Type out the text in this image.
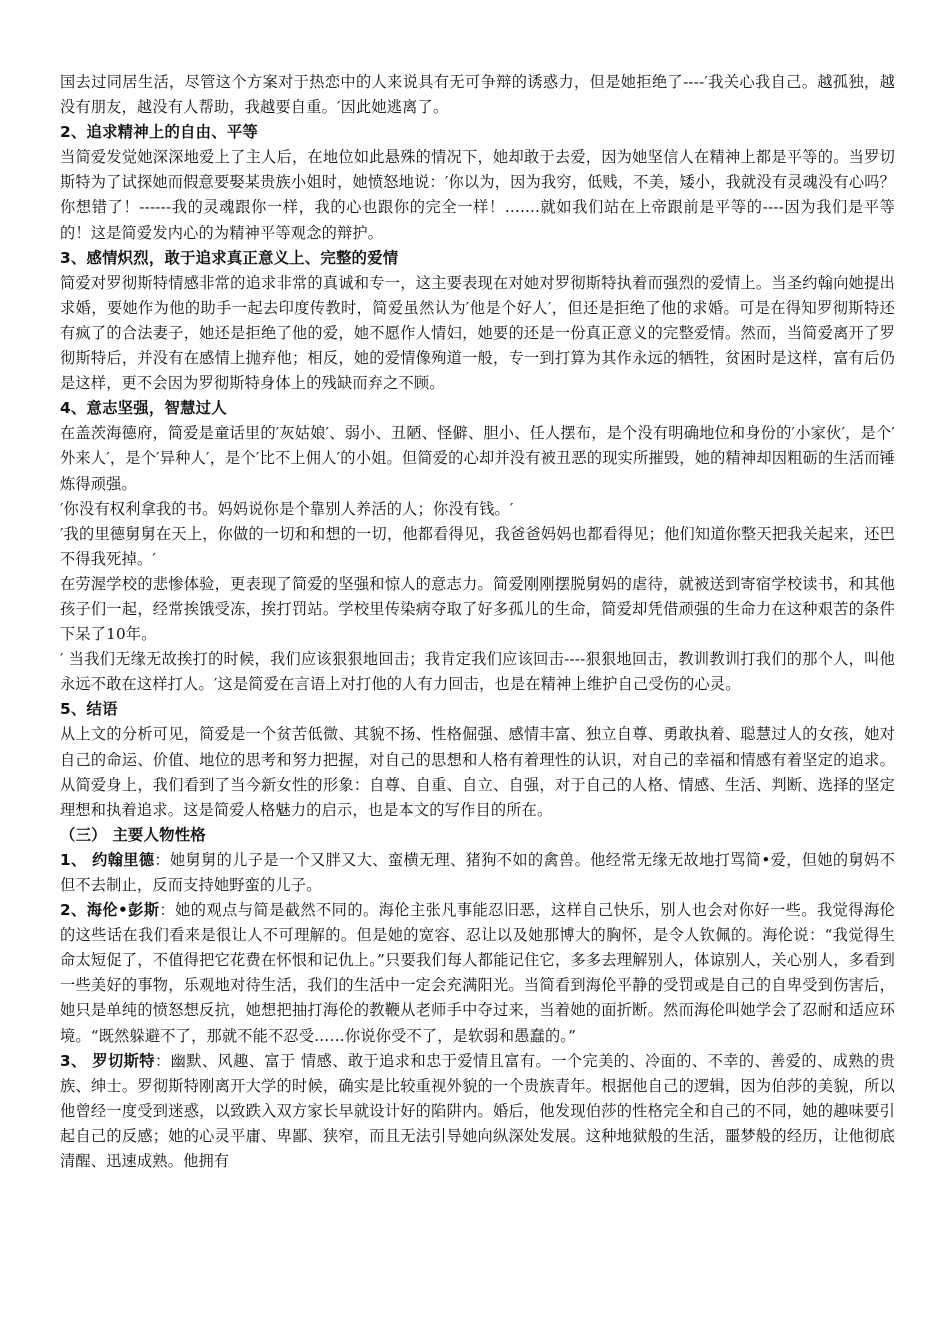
国去过同居生活，尽管这个方案对于热恋中的人来说具有无可争辩的诱惑力，但是她拒绝了----′我关心我自己。越孤独，越没有朋友，越没有人帮助，我越要自重。′因此她逃离了。

2、追求精神上的自由、平等

当简爱发觉她深深地爱上了主人后，在地位如此悬殊的情况下，她却敢于去爱，因为她坚信人在精神上都是平等的。当罗切斯特为了试探她而假意要娶某贵族小姐时，她愤怒地说：′你以为，因为我穷，低贱，不美，矮小，我就没有灵魂没有心吗？你想错了！------我的灵魂跟你一样，我的心也跟你的完全一样！.......就如我们站在上帝跟前是平等的----因为我们是平等的！这是简爱发内心的为精神平等观念的辩护。

3、感情炽烈，敢于追求真正意义上、完整的爱情

简爱对罗彻斯特情感非常的追求非常的真诚和专一，这主要表现在对她对罗彻斯特执着而强烈的爱情上。当圣约翰向她提出求婚，要她作为他的助手一起去印度传教时，简爱虽然认为′他是个好人′，但还是拒绝了他的求婚。可是在得知罗彻斯特还有疯了的合法妻子，她还是拒绝了他的爱，她不愿作人情妇，她要的还是一份真正意义的完整爱情。然而，当简爱离开了罗彻斯特后，并没有在感情上抛弃他；相反，她的爱情像殉道一般，专一到打算为其作永远的牺牲，贫困时是这样，富有后仍是这样，更不会因为罗彻斯特身体上的残缺而弃之不顾。

4、意志坚强，智慧过人

在盖茨海德府，简爱是童话里的′灰姑娘′、弱小、丑陋、怪僻、胆小、任人摆布，是个没有明确地位和身份的′小家伙′，是个′外来人′，是个′异种人′，是个′比不上佣人′的小姐。但简爱的心却并没有被丑恶的现实所摧毁，她的精神却因粗砺的生活而锤炼得顽强。

′你没有权利拿我的书。妈妈说你是个靠别人养活的人；你没有钱。′

′我的里德舅舅在天上，你做的一切和和想的一切，他都看得见，我爸爸妈妈也都看得见；他们知道你整天把我关起来，还巴不得我死掉。′

在劳渥学校的悲惨体验，更表现了简爱的坚强和惊人的意志力。简爱刚刚摆脱舅妈的虐待，就被送到寄宿学校读书，和其他孩子们一起，经常挨饿受冻，挨打罚站。学校里传染病夺取了好多孤儿的生命，简爱却凭借顽强的生命力在这种艰苦的条件下呆了10年。

′ 当我们无缘无故挨打的时候，我们应该狠狠地回击；我肯定我们应该回击----狠狠地回击，教训教训打我们的那个人，叫他永远不敢在这样打人。′这是简爱在言语上对打他的人有力回击，也是在精神上维护自己受伤的心灵。

5、结语

从上文的分析可见，简爱是一个贫苦低微、其貌不扬、性格倔强、感情丰富、独立自尊、勇敢执着、聪慧过人的女孩，她对自己的命运、价值、地位的思考和努力把握，对自己的思想和人格有着理性的认识，对自己的幸福和情感有着坚定的追求。从简爱身上，我们看到了当今新女性的形象：自尊、自重、自立、自强，对于自己的人格、情感、生活、判断、选择的坚定理想和执着追求。这是简爱人格魅力的启示，也是本文的写作目的所在。

（三） 主要人物性格

1、 约翰里德：她舅舅的儿子是一个又胖又大、蛮横无理、猪狗不如的禽兽。他经常无缘无故地打骂简•爱，但她的舅妈不但不去制止，反而支持她野蛮的儿子。

2、海伦•彭斯：她的观点与简是截然不同的。海伦主张凡事能忍旧恶，这样自己快乐，别人也会对你好一些。我觉得海伦的这些话在我们看来是很让人不可理解的。但是她的宽容、忍让以及她那博大的胸怀，是令人钦佩的。海伦说：“我觉得生命太短促了，不值得把它花费在怀恨和记仇上。”只要我们每人都能记住它，多多去理解别人，体谅别人，关心别人，多看到一些美好的事物，乐观地对待生活，我们的生活中一定会充满阳光。当简看到海伦平静的受罚或是自己的自卑受到伤害后，她只是单纯的愤怒想反抗，她想把抽打海伦的教鞭从老师手中夺过来，当着她的面折断。然而海伦叫她学会了忍耐和适应环境。“既然躲避不了，那就不能不忍受……你说你受不了，是软弱和愚蠢的。”

3、 罗切斯特：幽默、风趣、富于 情感、敢于追求和忠于爱情且富有。一个完美的、冷面的、不幸的、善爱的、成熟的贵族、绅士。罗彻斯特刚离开大学的时候，确实是比较重视外貌的一个贵族青年。根据他自己的逻辑，因为伯莎的美貌，所以他曾经一度受到迷惑，以致跌入双方家长早就设计好的陷阱内。婚后，他发现伯莎的性格完全和自己的不同，她的趣味要引起自己的反感；她的心灵平庸、卑鄙、狭窄，而且无法引导她向纵深处发展。这种地狱般的生活，噩梦般的经历，让他彻底清醒、迅速成熟。他拥有
